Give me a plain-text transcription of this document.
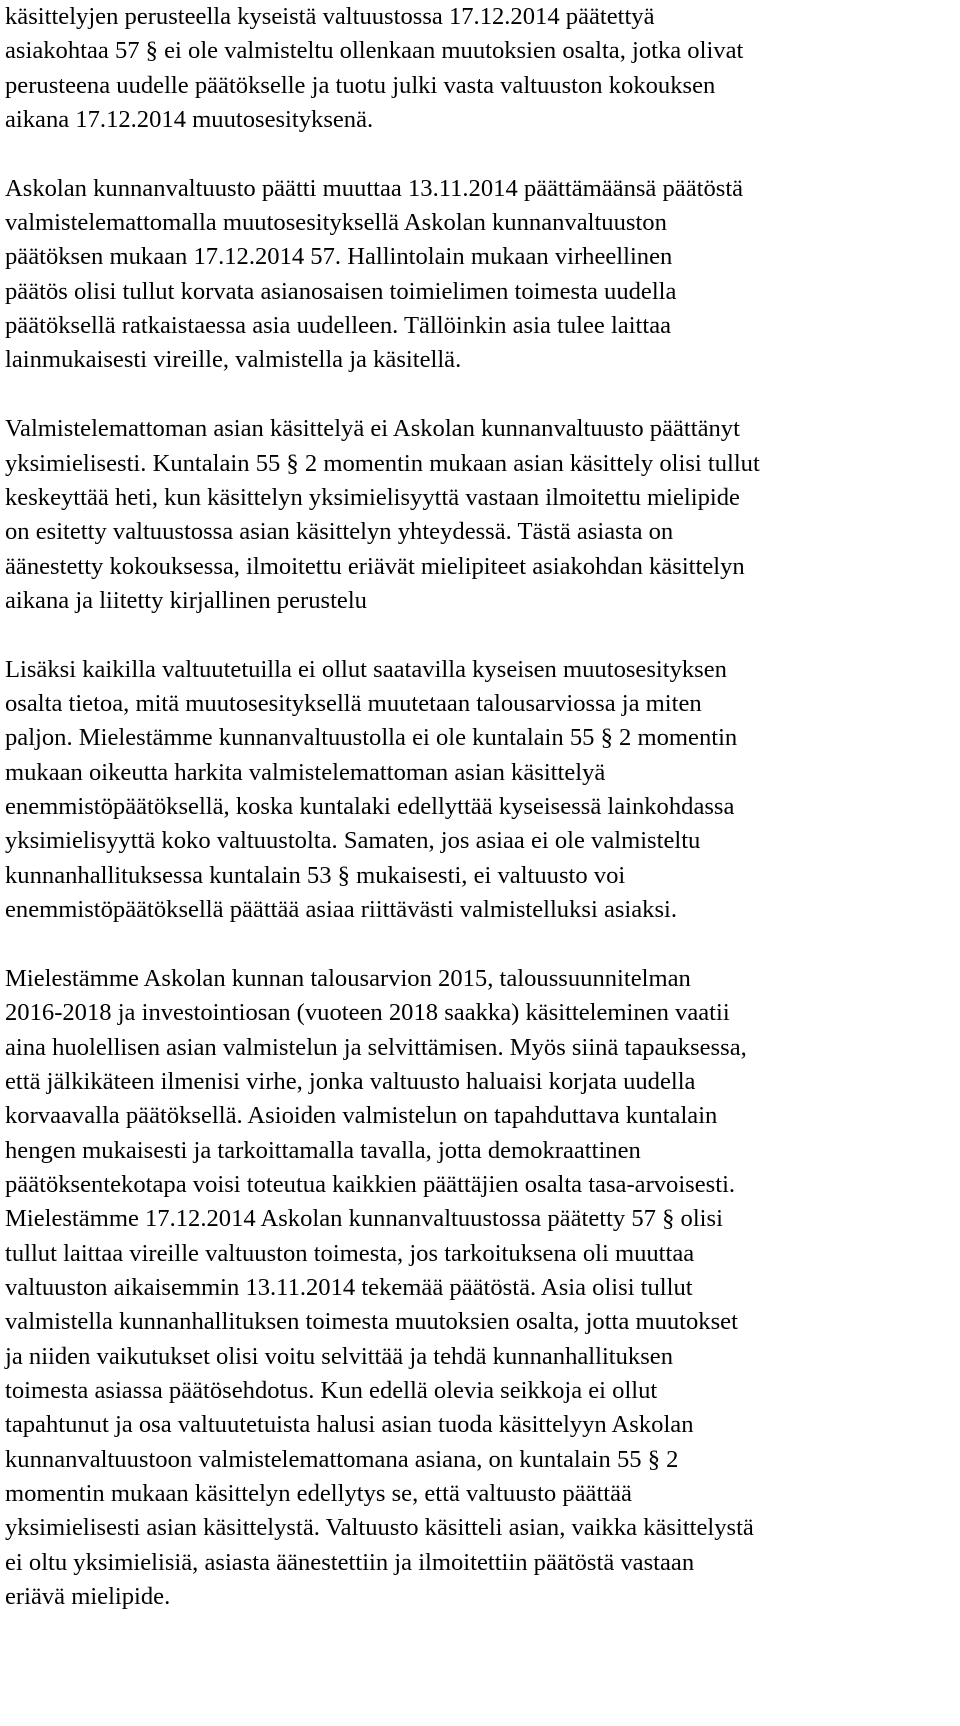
käsittelyjen perusteella kyseistä valtuustossa 17.12.2014 päätettyä
asiakohtaa 57 § ei ole valmisteltu ollenkaan muutoksien osalta, jotka olivat
perusteena uudelle päätökselle ja tuotu julki vasta valtuuston kokouksen
aikana 17.12.2014 muutosesityksenä.
Askolan kunnanvaltuusto päätti muuttaa 13.11.2014 päättämäänsä päätöstä
valmistelemattomalla muutosesityksellä Askolan kunnanvaltuuston
päätöksen mukaan 17.12.2014 57. Hallintolain mukaan virheellinen
päätös olisi tullut korvata asianosaisen toimielimen toimesta uudella
päätöksellä ratkaistaessa asia uudelleen. Tällöinkin asia tulee laittaa
lainmukaisesti vireille, valmistella ja käsitellä.
Valmistelemattoman asian käsittelyä ei Askolan kunnanvaltuusto päättänyt
yksimielisesti. Kuntalain 55 § 2 momentin mukaan asian käsittely olisi tullut
keskeyttää heti, kun käsittelyn yksimielisyyttä vastaan ilmoitettu mielipide
on esitetty valtuustossa asian käsittelyn yhteydessä. Tästä asiasta on
äänestetty kokouksessa, ilmoitettu eriävät mielipiteet asiakohdan käsittelyn
aikana ja liitetty kirjallinen perustelu
Lisäksi kaikilla valtuutetuilla ei ollut saatavilla kyseisen muutosesityksen
osalta tietoa, mitä muutosesityksellä muutetaan talousarviossa ja miten
paljon. Mielestämme kunnanvaltuustolla ei ole kuntalain 55 § 2 momentin
mukaan oikeutta harkita valmistelemattoman asian käsittelyä
enemmistöpäätöksellä, koska kuntalaki edellyttää kyseisessä lainkohdassa
yksimielisyyttä koko valtuustolta. Samaten, jos asiaa ei ole valmisteltu
kunnanhallituksessa kuntalain 53 § mukaisesti, ei valtuusto voi
enemmistöpäätöksellä päättää asiaa riittävästi valmistelluksi asiaksi.
Mielestämme Askolan kunnan talousarvion 2015, taloussuunnitelman
2016-2018 ja investointiosan (vuoteen 2018 saakka) käsitteleminen vaatii
aina huolellisen asian valmistelun ja selvittämisen. Myös siinä tapauksessa,
että jälkikäteen ilmenisi virhe, jonka valtuusto haluaisi korjata uudella
korvaavalla päätöksellä. Asioiden valmistelun on tapahduttava kuntalain
hengen mukaisesti ja tarkoittamalla tavalla, jotta demokraattinen
päätöksentekotapa voisi toteutua kaikkien päättäjien osalta tasa-arvoisesti.
Mielestämme 17.12.2014 Askolan kunnanvaltuustossa päätetty 57 § olisi
tullut laittaa vireille valtuuston toimesta, jos tarkoituksena oli muuttaa
valtuuston aikaisemmin 13.11.2014 tekemää päätöstä. Asia olisi tullut
valmistella kunnanhallituksen toimesta muutoksien osalta, jotta muutokset
ja niiden vaikutukset olisi voitu selvittää ja tehdä kunnanhallituksen
toimesta asiassa päätösehdotus. Kun edellä olevia seikkoja ei ollut
tapahtunut ja osa valtuutetuista halusi asian tuoda käsittelyyn Askolan
kunnanvaltuustoon valmistelemattomana asiana, on kuntalain 55 § 2
momentin mukaan käsittelyn edellytys se, että valtuusto päättää
yksimielisesti asian käsittelystä. Valtuusto käsitteli asian, vaikka käsittelystä
ei oltu yksimielisiä, asiasta äänestettiin ja ilmoitettiin päätöstä vastaan
eriävä mielipide.
